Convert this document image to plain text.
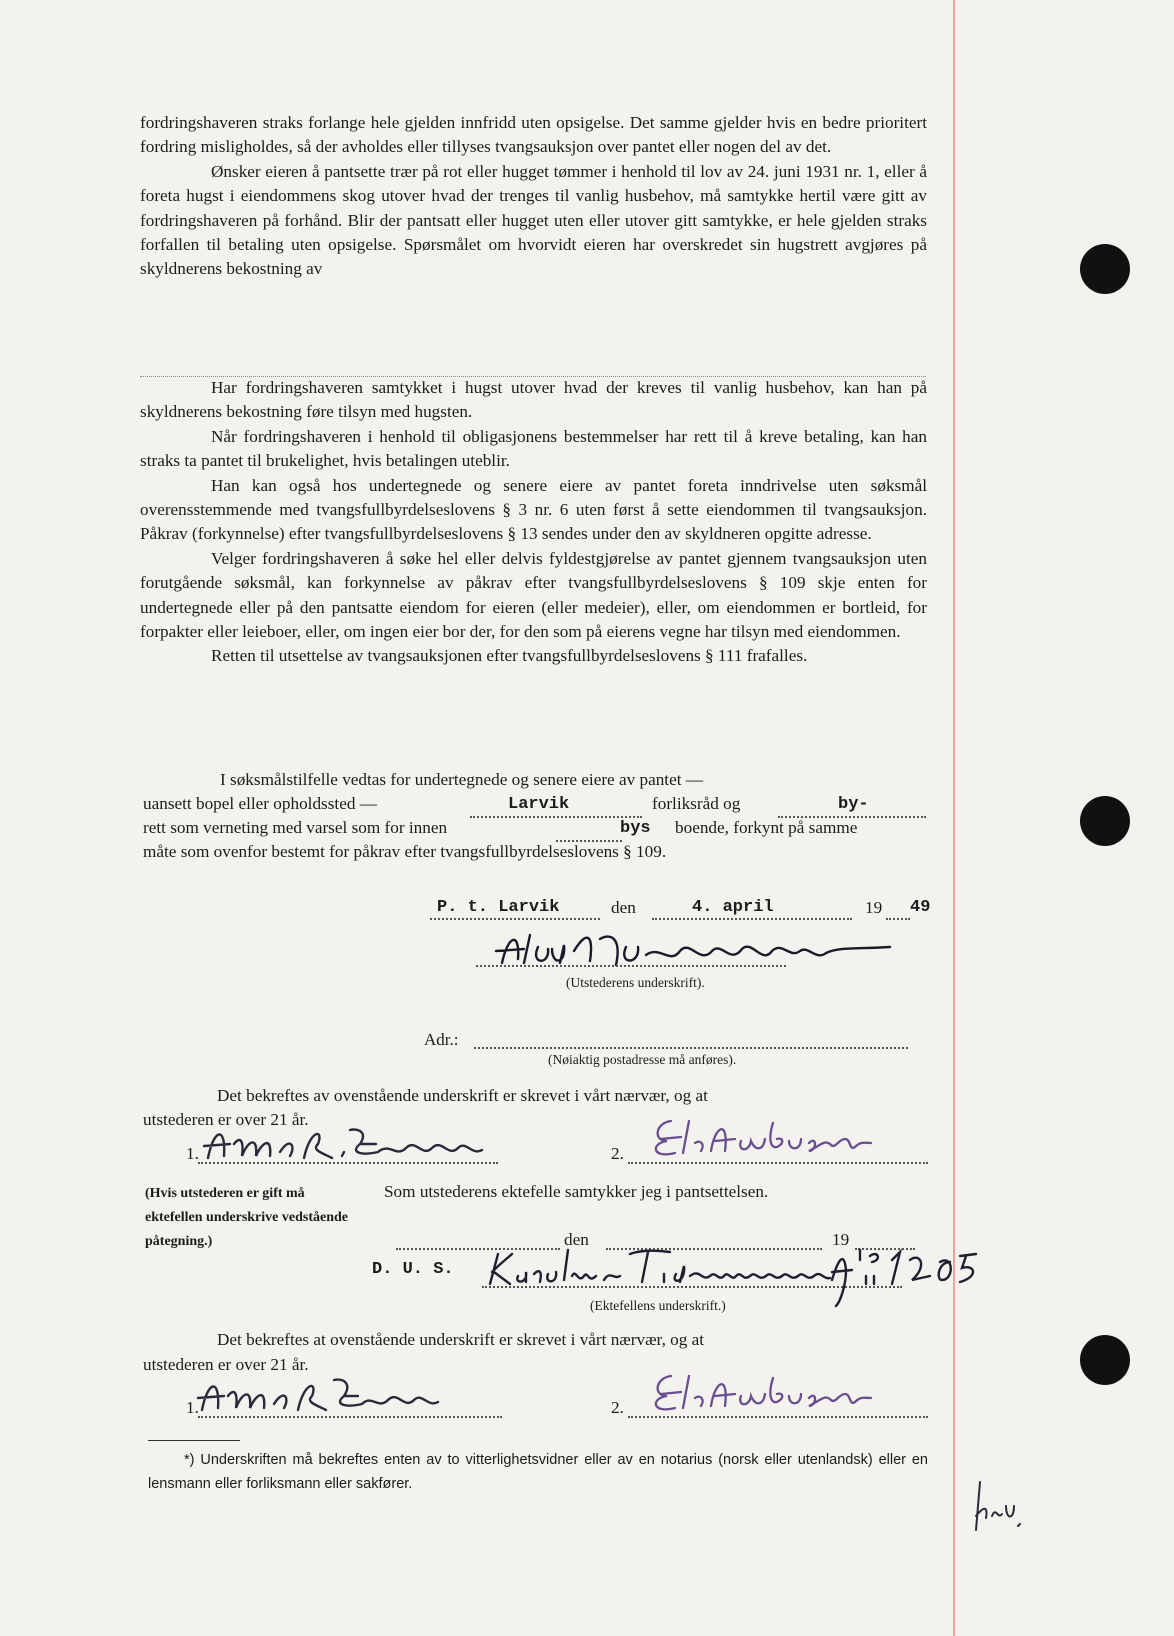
fordringshaveren straks forlange hele gjelden innfridd uten opsigelse. Det samme gjelder hvis en bedre prioritert fordring misligholdes, så der avholdes eller tillyses tvangsauksjon over pantet eller nogen del av det.

Ønsker eieren å pantsette trær på rot eller hugget tømmer i henhold til lov av 24. juni 1931 nr. 1, eller å foreta hugst i eiendommens skog utover hvad der trenges til vanlig husbehov, må samtykke hertil være gitt av fordringshaveren på forhånd. Blir der pantsatt eller hugget uten eller utover gitt samtykke, er hele gjelden straks forfallen til betaling uten opsigelse. Spørsmålet om hvorvidt eieren har overskredet sin hugstrett avgjøres på skyldnerens bekostning av

Har fordringshaveren samtykket i hugst utover hvad der kreves til vanlig husbehov, kan han på skyldnerens bekostning føre tilsyn med hugsten.

Når fordringshaveren i henhold til obligasjonens bestemmelser har rett til å kreve betaling, kan han straks ta pantet til brukelighet, hvis betalingen uteblir.

Han kan også hos undertegnede og senere eiere av pantet foreta inndrivelse uten søksmål overensstemmende med tvangsfullbyrdelseslovens § 3 nr. 6 uten først å sette eiendommen til tvangsauksjon. Påkrav (forkynnelse) efter tvangsfullbyrdelseslovens § 13 sendes under den av skyldneren opgitte adresse.

Velger fordringshaveren å søke hel eller delvis fyldestgjørelse av pantet gjennem tvangsauksjon uten forutgående søksmål, kan forkynnelse av påkrav efter tvangsfullbyrdelseslovens § 109 skje enten for undertegnede eller på den pantsatte eiendom for eieren (eller medeier), eller, om eiendommen er bortleid, for forpakter eller leieboer, eller, om ingen eier bor der, for den som på eierens vegne har tilsyn med eiendommen.

Retten til utsettelse av tvangsauksjonen efter tvangsfullbyrdelseslovens § 111 frafalles.

I søksmålstilfelle vedtas for undertegnede og senere eiere av pantet —
uansett bopel eller opholdssted —	Larvik	forliksråd og	by-
rett som verneting med varsel som for innen	bys boende, forkynt på samme
måte som ovenfor bestemt for påkrav efter tvangsfullbyrdelseslovens § 109.
P. t. Larvik	den	4. april	19 49
(Utstederens underskrift).
Adr.:
(Nøiaktig postadresse må anføres).
Det bekreftes av ovenstående underskrift er skrevet i vårt nærvær, og at
utstederen er over 21 år.
1.	2.
(Hvis utstederen er gift må ektefellen underskrive vedstående påtegning.)
Som utstederens ektefelle samtykker jeg i pantsettelsen.
den	19
D. U. S.
(Ektefellens underskrift.)
Det bekreftes at ovenstående underskrift er skrevet i vårt nærvær, og at
utstederen er over 21 år.
1.	2.
*) Underskriften må bekreftes enten av to vitterlighetsvidner eller av en notarius (norsk eller utenlandsk) eller en lensmann eller forliksmann eller sakfører.
